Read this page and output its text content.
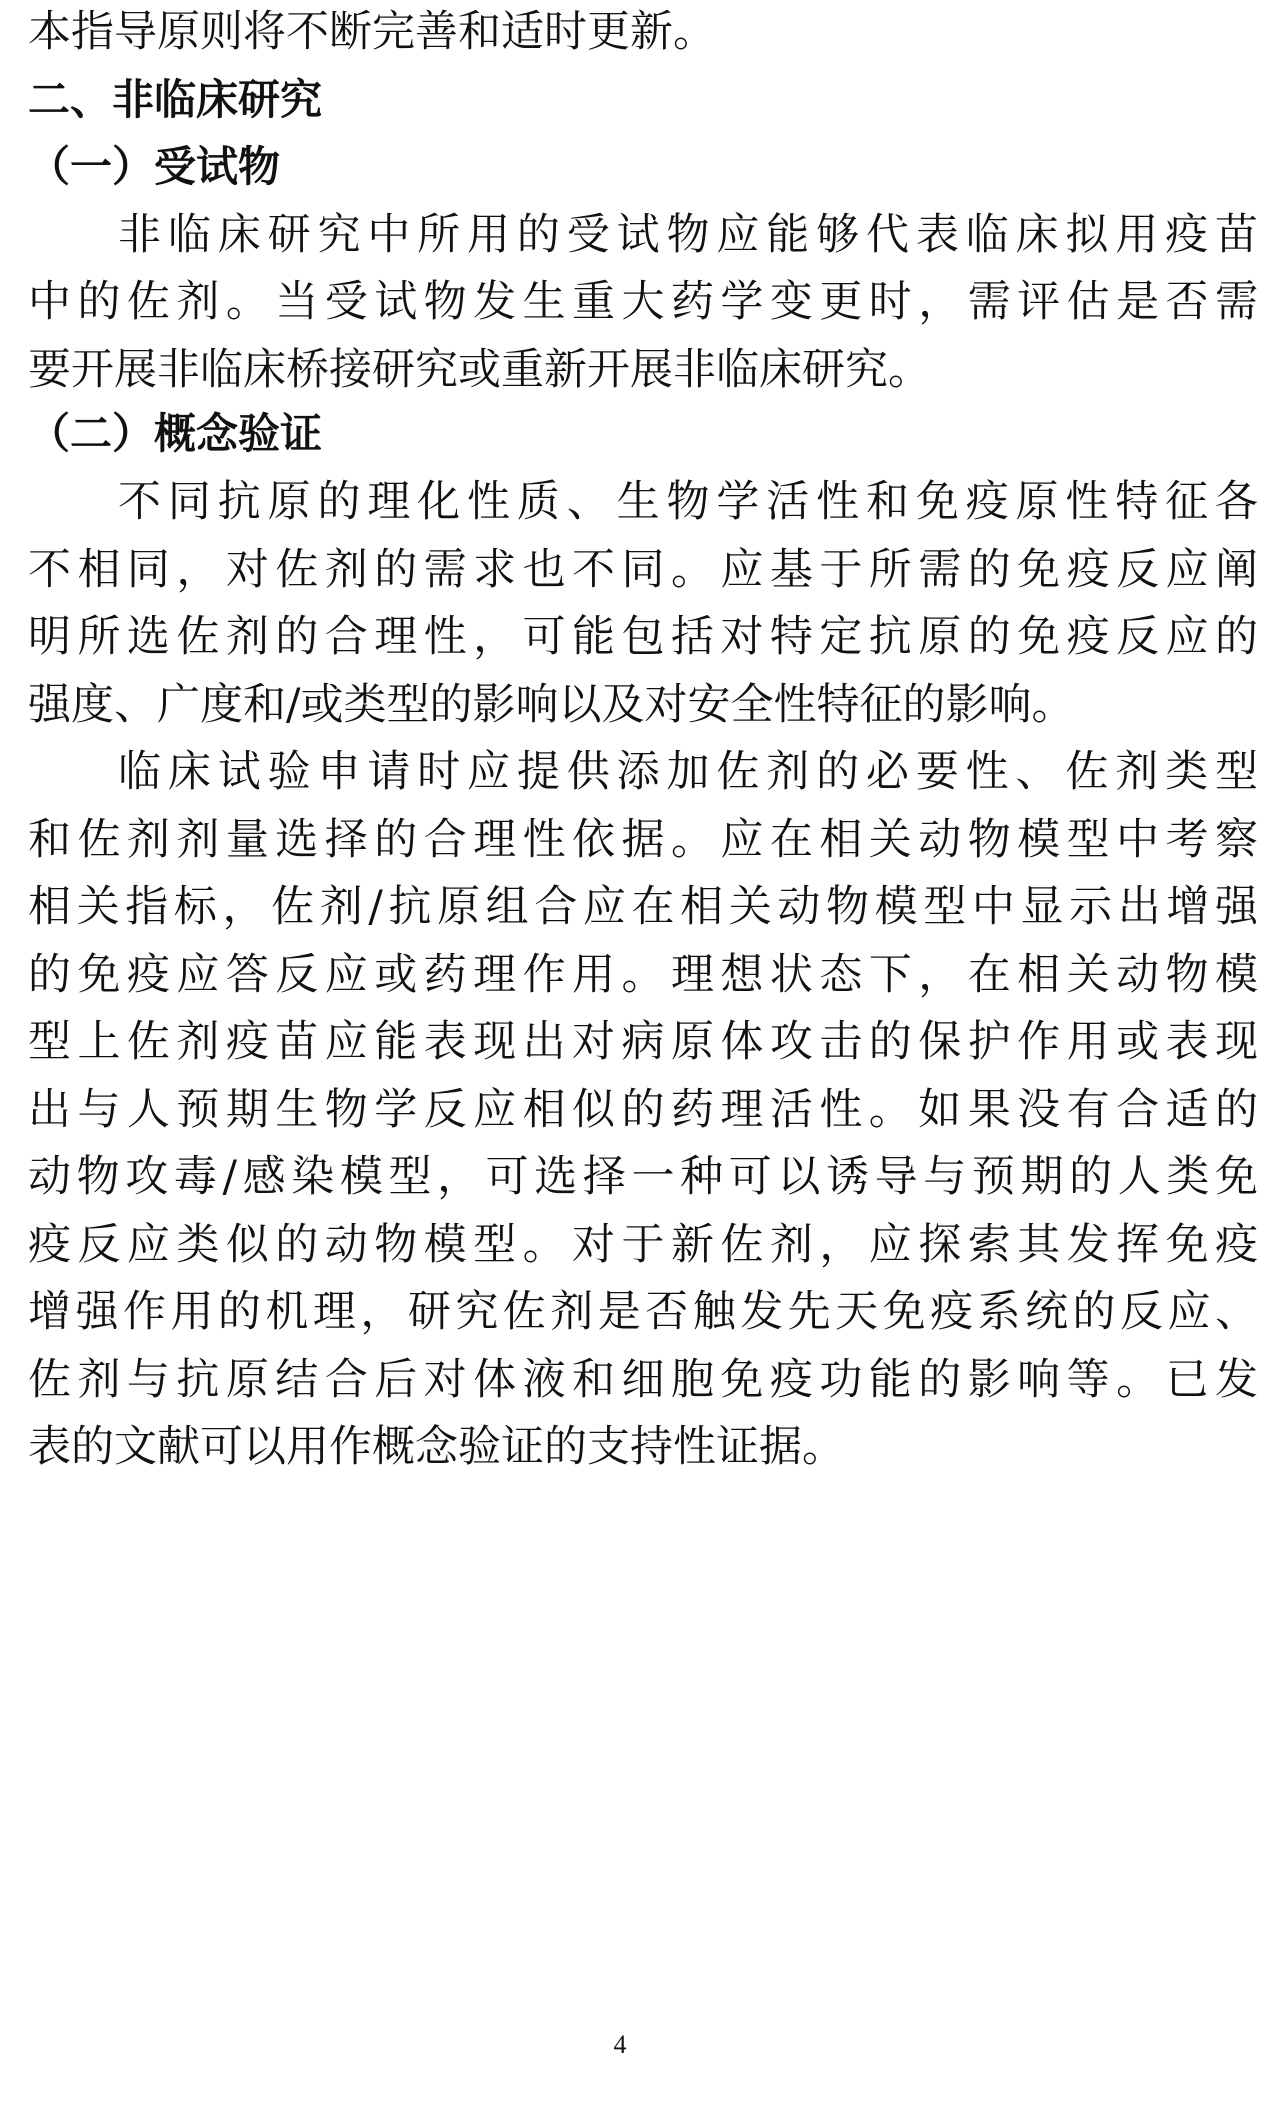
本指导原则将不断完善和适时更新。
二、非临床研究
（一）受试物
非临床研究中所用的受试物应能够代表临床拟用疫苗
中的佐剂。当受试物发生重大药学变更时，需评估是否需
要开展非临床桥接研究或重新开展非临床研究。
（二）概念验证
不同抗原的理化性质、生物学活性和免疫原性特征各
不相同，对佐剂的需求也不同。应基于所需的免疫反应阐
明所选佐剂的合理性，可能包括对特定抗原的免疫反应的
强度、广度和/或类型的影响以及对安全性特征的影响。
临床试验申请时应提供添加佐剂的必要性、佐剂类型
和佐剂剂量选择的合理性依据。应在相关动物模型中考察
相关指标，佐剂/抗原组合应在相关动物模型中显示出增强
的免疫应答反应或药理作用。理想状态下，在相关动物模
型上佐剂疫苗应能表现出对病原体攻击的保护作用或表现
出与人预期生物学反应相似的药理活性。如果没有合适的
动物攻毒/感染模型，可选择一种可以诱导与预期的人类免
疫反应类似的动物模型。对于新佐剂，应探索其发挥免疫
增强作用的机理，研究佐剂是否触发先天免疫系统的反应、
佐剂与抗原结合后对体液和细胞免疫功能的影响等。已发
表的文献可以用作概念验证的支持性证据。
4
